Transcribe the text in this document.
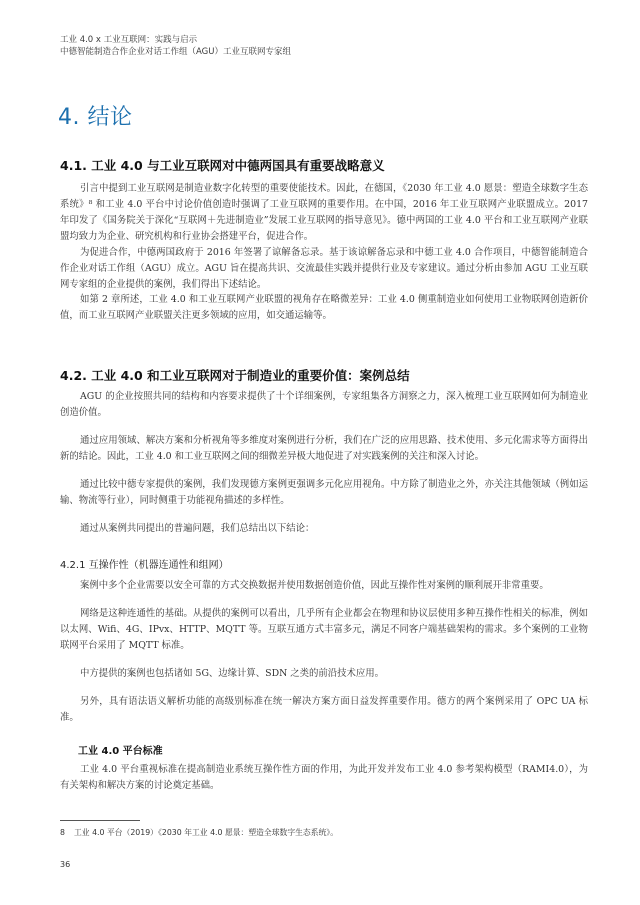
工业 4.0 x 工业互联网：实践与启示
中德智能制造合作企业对话工作组（AGU）工业互联网专家组
4. 结论
4.1. 工业 4.0 与工业互联网对中德两国具有重要战略意义

引言中提到工业互联网是制造业数字化转型的重要使能技术。因此，在德国，《2030 年工业 4.0 愿景：塑造全球数字生态系统》⁸ 和工业 4.0 平台中讨论价值创造时强调了工业互联网的重要作用。在中国，2016 年工业互联网产业联盟成立。2017 年印发了《国务院关于深化“互联网＋先进制造业”发展工业互联网的指导意见》。德中两国的工业 4.0 平台和工业互联网产业联盟均致力为企业、研究机构和行业协会搭建平台，促进合作。

为促进合作，中德两国政府于 2016 年签署了谅解备忘录。基于该谅解备忘录和中德工业 4.0 合作项目，中德智能制造合作企业对话工作组（AGU）成立。AGU 旨在提高共识、交流最佳实践并提供行业及专家建议。通过分析由参加 AGU 工业互联网专家组的企业提供的案例，我们得出下述结论。

如第 2 章所述，工业 4.0 和工业互联网产业联盟的视角存在略微差异：工业 4.0 侧重制造业如何使用工业物联网创造新价值，而工业互联网产业联盟关注更多领域的应用，如交通运输等。

4.2. 工业 4.0 和工业互联网对于制造业的重要价值：案例总结

AGU 的企业按照共同的结构和内容要求提供了十个详细案例，专家组集各方洞察之力，深入梳理工业互联网如何为制造业创造价值。

通过应用领域、解决方案和分析视角等多维度对案例进行分析，我们在广泛的应用思路、技术使用、多元化需求等方面得出新的结论。因此，工业 4.0 和工业互联网之间的细微差异极大地促进了对实践案例的关注和深入讨论。

通过比较中德专家提供的案例，我们发现德方案例更强调多元化应用视角。中方除了制造业之外，亦关注其他领域（例如运输、物流等行业），同时侧重于功能视角描述的多样性。

通过从案例共同提出的普遍问题，我们总结出以下结论：

4.2.1 互操作性（机器连通性和组网）

案例中多个企业需要以安全可靠的方式交换数据并使用数据创造价值，因此互操作性对案例的顺利展开非常重要。

网络是这种连通性的基础。从提供的案例可以看出，几乎所有企业都会在物理和协议层使用多种互操作性相关的标准，例如以太网、Wifi、4G、IPvx、HTTP、MQTT 等。互联互通方式丰富多元，满足不同客户端基础架构的需求。多个案例的工业物联网平台采用了 MQTT 标准。

中方提供的案例也包括诸如 5G、边缘计算、SDN 之类的前沿技术应用。

另外，具有语法语义解析功能的高级别标准在统一解决方案方面日益发挥重要作用。德方的两个案例采用了 OPC UA 标准。

工业 4.0 平台标准

工业 4.0 平台重视标准在提高制造业系统互操作性方面的作用，为此开发并发布工业 4.0 参考架构模型（RAMI4.0），为有关架构和解决方案的讨论奠定基础。

8 工业 4.0 平台（2019）《2030 年工业 4.0 愿景：塑造全球数字生态系统》。
36
